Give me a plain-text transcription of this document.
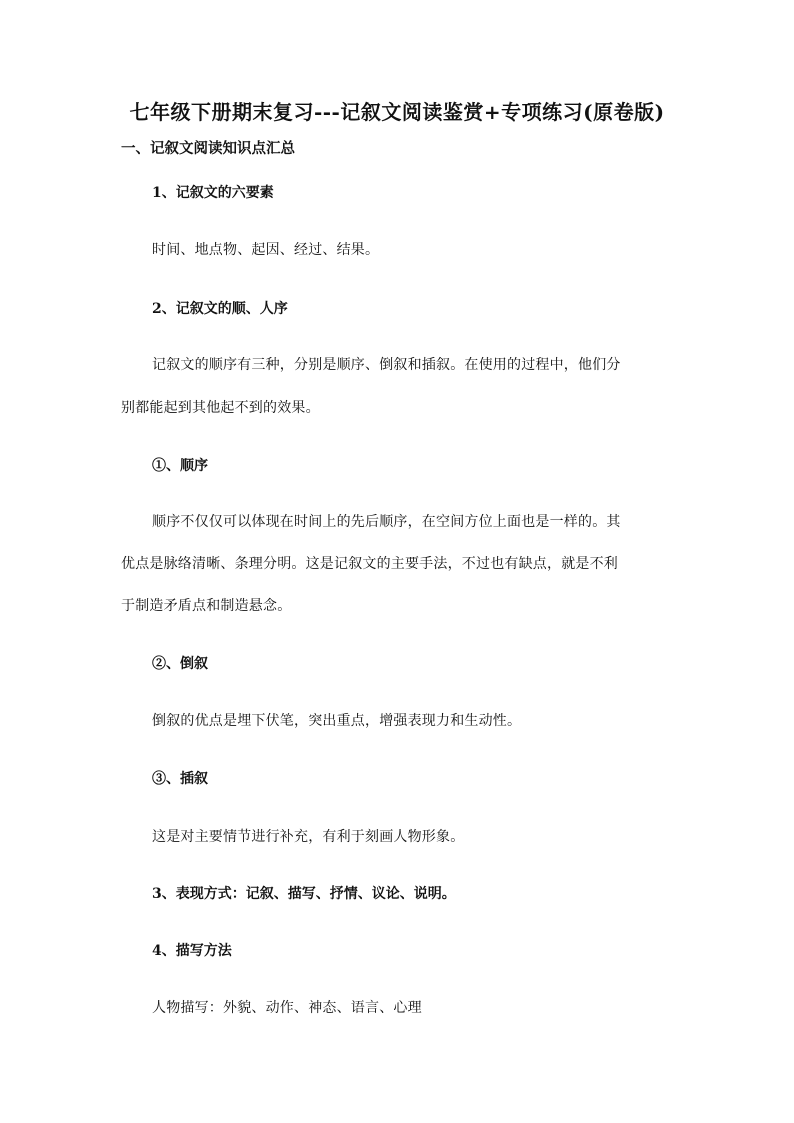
七年级下册期末复习---记叙文阅读鉴赏+专项练习(原卷版)
一、记叙文阅读知识点汇总
1、记叙文的六要素
时间、地点物、起因、经过、结果。
2、记叙文的顺、人序
记叙文的顺序有三种，分别是顺序、倒叙和插叙。在使用的过程中，他们分
别都能起到其他起不到的效果。
①、顺序
顺序不仅仅可以体现在时间上的先后顺序，在空间方位上面也是一样的。其
优点是脉络清晰、条理分明。这是记叙文的主要手法，不过也有缺点，就是不利
于制造矛盾点和制造悬念。
②、倒叙
倒叙的优点是埋下伏笔，突出重点，增强表现力和生动性。
③、插叙
这是对主要情节进行补充，有利于刻画人物形象。
3、表现方式：记叙、描写、抒情、议论、说明。
4、描写方法
人物描写：外貌、动作、神态、语言、心理
